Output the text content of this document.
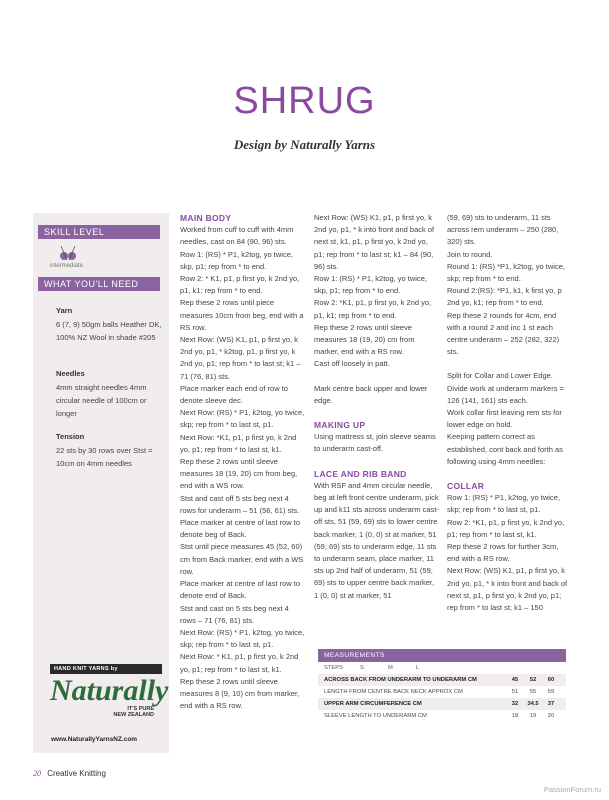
SHRUG
Design by Naturally Yarns
SKILL LEVEL
intermediate
WHAT YOU'LL NEED
Yarn
6 (7, 9) 50gm balls Heather DK, 100% NZ Wool in shade #205
Needles
4mm straight needles 4mm circular needle of 100cm or longer
Tension
22 sts by 30 rows over Stst = 10cm on 4mm needles
HAND KNIT YARNS by
Naturally
IT'S PURE
NEW ZEALAND
www.NaturallyYarnsNZ.com
MAIN BODY

Worked from cuff to cuff with 4mm needles, cast on 84 (90, 96) sts.

Row 1: (RS) * P1, k2tog, yo twice, skp, p1; rep from * to end.

Row 2: * K1, p1, p first yo, k 2nd yo, p1, k1; rep from * to end.

Rep these 2 rows until piece measures 10cm from beg, end with a RS row.

Next Row: (WS) K1, p1, p first yo, k 2nd yo, p1, * k2tog, p1, p first yo, k 2nd yo, p1; rep from * to last st; k1 – 71 (76, 81) sts.

Place marker each end of row to denote sleeve dec.

Next Row: (RS) * P1, k2tog, yo twice, skp; rep from * to last st, p1.

Next Row: *K1, p1, p first yo, k 2nd yo, p1; rep from * to last st, k1.

Rep these 2 rows until sleeve measures 18 (19, 20) cm from beg, end with a WS row.

Stst and cast off 5 sts beg next 4 rows for underarm – 51 (56, 61) sts.

Place marker at centre of last row to denote beg of Back.

Stst until piece measures 45 (52, 60) cm from Back marker, end with a WS row.

Place marker at centre of last row to denote end of Back.

Stst and cast on 5 sts beg next 4 rows – 71 (76, 81) sts.

Next Row: (RS) * P1, k2tog, yo twice, skp; rep from * to last st, p1.

Next Row: * K1, p1, p first yo, k 2nd yo, p1; rep from * to last st, k1.

Rep these 2 rows until sleeve measures 8 (9, 10) cm from marker, end with a RS row.

Next Row: (WS) K1, p1, p first yo, k 2nd yo, p1, * k into front and back of next st, k1, p1, p first yo, k 2nd yo, p1; rep from * to last st; k1 – 84 (90, 96) sts.

Row 1: (RS) * P1, k2tog, yo twice, skp, p1; rep from * to end.

Row 2: *K1, p1, p first yo, k 2nd yo, p1, k1; rep from * to end.

Rep these 2 rows until sleeve measures 18 (19, 20) cm from marker, end with a RS row.

Cast off loosely in patt.

Mark centre back upper and lower edge.

MAKING UP

Using mattress st, join sleeve seams to underarm cast-off.

LACE AND RIB BAND

With RSF and 4mm circular needle, beg at left front centre underarm, pick up and k11 sts across underarm cast-off sts, 51 (59, 69) sts to lower centre back marker, 1 (0, 0) st at marker, 51 (59, 69) sts to underarm edge, 11 sts to underarm seam, place marker, 11 sts up 2nd half of underarm, 51 (59, 69) sts to upper centre back marker, 1 (0, 0) st at marker, 51

(59, 69) sts to underarm, 11 sts across rem underarm – 250 (280, 320) sts.

Join to round.

Round 1: (RS) *P1, k2tog, yo twice, skp; rep from * to end.

Round 2:(RS): *P1, k1, k first yo, p 2nd yo, k1; rep from * to end.

Rep these 2 rounds for 4cm, end with a round 2 and inc 1 st each centre underarm – 252 (282, 322) sts.

Split for Collar and Lower Edge. Divide work at underarm markers = 126 (141, 161) sts each.

Work collar first leaving rem sts for lower edge on hold.

Keeping pattern correct as established, cont back and forth as following using 4mm needles:

COLLAR

Row 1: (RS) * P1, k2tog, yo twice, skp; rep from * to last st, p1.

Row 2: *K1, p1, p first yo, k 2nd yo, p1; rep from * to last st, k1.

Rep these 2 rows for further 3cm, end with a RS row.

Next Row: (WS) K1, p1, p first yo, k 2nd yo, p1, * k into front and back of next st, p1, p first yo, k 2nd yo, p1; rep from * to last st; k1 – 150

MEASUREMENTS
STEPS	S	M	L
ACROSS BACK FROM UNDERARM TO UNDERARM CM	45	52	60
LENGTH FROM CENTRE BACK NECK APPROX CM	51	55	59
UPPER ARM CIRCUMFERENCE CM	32	34.5	37
SLEEVE LENGTH TO UNDERARM CM	18	19	20
20 Creative Knitting
PassionForum.ru
